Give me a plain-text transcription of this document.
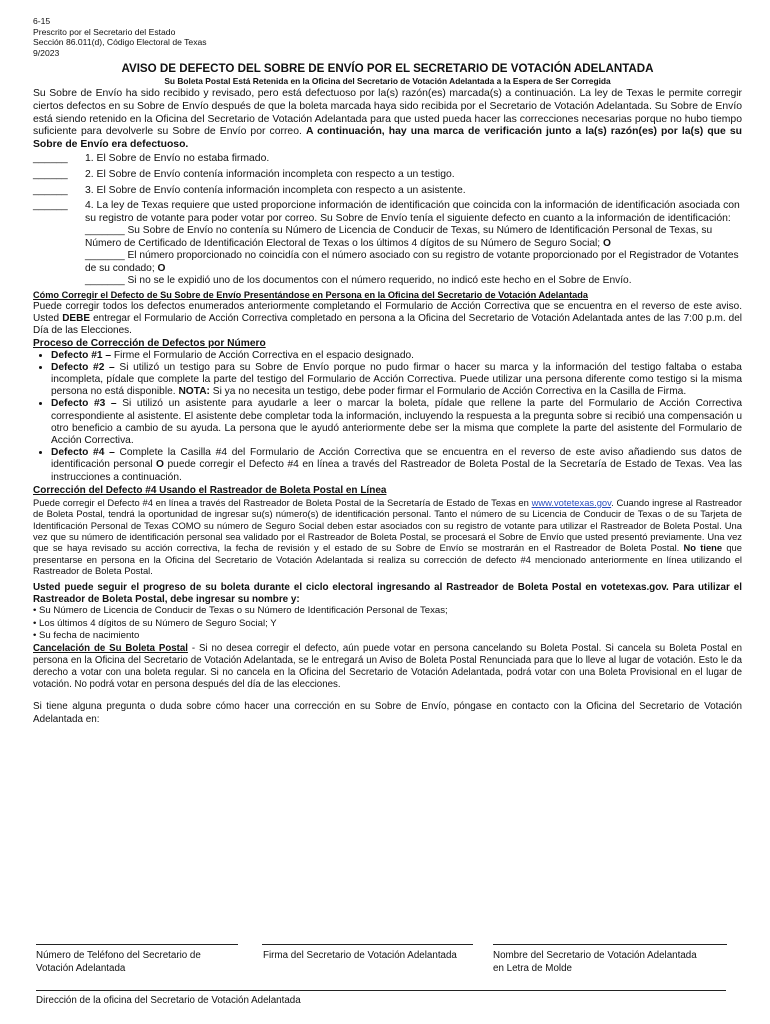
6-15
Prescrito por el Secretario del Estado
Sección 86.011(d), Código Electoral de Texas
9/2023
AVISO DE DEFECTO DEL SOBRE DE ENVÍO POR EL SECRETARIO DE VOTACIÓN ADELANTADA
Su Boleta Postal Está Retenida en la Oficina del Secretario de Votación Adelantada a la Espera de Ser Corregida
Su Sobre de Envío ha sido recibido y revisado, pero está defectuoso por la(s) razón(es) marcada(s) a continuación. La ley de Texas le permite corregir ciertos defectos en su Sobre de Envío después de que la boleta marcada haya sido recibida por el Secretario de Votación Adelantada. Su Sobre de Envío está siendo retenido en la Oficina del Secretario de Votación Adelantada para que usted pueda hacer las correcciones necesarias porque no hubo tiempo suficiente para devolverle su Sobre de Envío por correo. A continuación, hay una marca de verificación junto a la(s) razón(es) por la(s) que su Sobre de Envío era defectuoso.
______	1. El Sobre de Envío no estaba firmado.
______	2. El Sobre de Envío contenía información incompleta con respecto a un testigo.
______	3. El Sobre de Envío contenía información incompleta con respecto a un asistente.
______	4. La ley de Texas requiere que usted proporcione información de identificación que coincida con la información de identificación asociada con su registro de votante para poder votar por correo. Su Sobre de Envío tenía el siguiente defecto en cuanto a la información de identificación:
_______ Su Sobre de Envío no contenía su Número de Licencia de Conducir de Texas, su Número de Identificación Personal de Texas, su Número de Certificado de Identificación Electoral de Texas o los últimos 4 dígitos de su Número de Seguro Social; O
_______ El número proporcionado no coincidía con el número asociado con su registro de votante proporcionado por el Registrador de Votantes de su condado; O
_______ Si no se le expidió uno de los documentos con el número requerido, no indicó este hecho en el Sobre de Envío.
Cómo Corregir el Defecto de Su Sobre de Envío Presentándose en Persona en la Oficina del Secretario de Votación Adelantada
Puede corregir todos los defectos enumerados anteriormente completando el Formulario de Acción Correctiva que se encuentra en el reverso de este aviso. Usted DEBE entregar el Formulario de Acción Correctiva completado en persona a la Oficina del Secretario de Votación Adelantada antes de las 7:00 p.m. del Día de las Elecciones.
Proceso de Corrección de Defectos por Número
• Defecto #1 – Firme el Formulario de Acción Correctiva en el espacio designado.
• Defecto #2 – Si utilizó un testigo para su Sobre de Envío porque no pudo firmar o hacer su marca y la información del testigo faltaba o estaba incompleta, pídale que complete la parte del testigo del Formulario de Acción Correctiva. Puede utilizar una persona diferente como testigo si la misma persona no está disponible. NOTA: Si ya no necesita un testigo, debe poder firmar el Formulario de Acción Correctiva en la Casilla de Firma.
• Defecto #3 – Si utilizó un asistente para ayudarle a leer o marcar la boleta, pídale que rellene la parte del Formulario de Acción Correctiva correspondiente al asistente. El asistente debe completar toda la información, incluyendo la respuesta a la pregunta sobre si recibió una compensación u otro beneficio a cambio de su ayuda. La persona que le ayudó anteriormente debe ser la misma que complete la parte del asistente del Formulario de Acción Correctiva.
• Defecto #4 – Complete la Casilla #4 del Formulario de Acción Correctiva que se encuentra en el reverso de este aviso añadiendo sus datos de identificación personal O puede corregir el Defecto #4 en línea a través del Rastreador de Boleta Postal de la Secretaría de Estado de Texas. Vea las instrucciones a continuación.
Corrección del Defecto #4 Usando el Rastreador de Boleta Postal en Línea
Puede corregir el Defecto #4 en línea a través del Rastreador de Boleta Postal de la Secretaría de Estado de Texas en www.votetexas.gov. Cuando ingrese al Rastreador de Boleta Postal, tendrá la oportunidad de ingresar su(s) número(s) de identificación personal. Tanto el número de su Licencia de Conducir de Texas o de su Tarjeta de Identificación Personal de Texas COMO su número de Seguro Social deben estar asociados con su registro de votante para utilizar el Rastreador de Boleta Postal. Una vez que su número de identificación personal sea validado por el Rastreador de Boleta Postal, se procesará el Sobre de Envío que usted presentó previamente. Una vez que se haya revisado su acción correctiva, la fecha de revisión y el estado de su Sobre de Envío se mostrarán en el Rastreador de Boleta Postal. No tiene que presentarse en persona en la Oficina del Secretario de Votación Adelantada si realiza su corrección de defecto #4 mencionado anteriormente en línea utilizando el Rastreador de Boleta Postal.
Usted puede seguir el progreso de su boleta durante el ciclo electoral ingresando al Rastreador de Boleta Postal en votetexas.gov. Para utilizar el Rastreador de Boleta Postal, debe ingresar su nombre y:
• Su Número de Licencia de Conducir de Texas o su Número de Identificación Personal de Texas;
• Los últimos 4 dígitos de su Número de Seguro Social; Y
• Su fecha de nacimiento
Cancelación de Su Boleta Postal - Si no desea corregir el defecto, aún puede votar en persona cancelando su Boleta Postal. Si cancela su Boleta Postal en persona en la Oficina del Secretario de Votación Adelantada, se le entregará un Aviso de Boleta Postal Renunciada para que lo lleve al lugar de votación. Esto le da derecho a votar con una boleta regular. Si no cancela en la Oficina del Secretario de Votación Adelantada, podrá votar con una Boleta Provisional en el lugar de votación. No podrá votar en persona después del día de las elecciones.
Si tiene alguna pregunta o duda sobre cómo hacer una corrección en su Sobre de Envío, póngase en contacto con la Oficina del Secretario de Votación Adelantada en:
Número de Teléfono del Secretario de Votación Adelantada
Firma del Secretario de Votación Adelantada	Nombre del Secretario de Votación Adelantada en Letra de Molde
Dirección de la oficina del Secretario de Votación Adelantada
